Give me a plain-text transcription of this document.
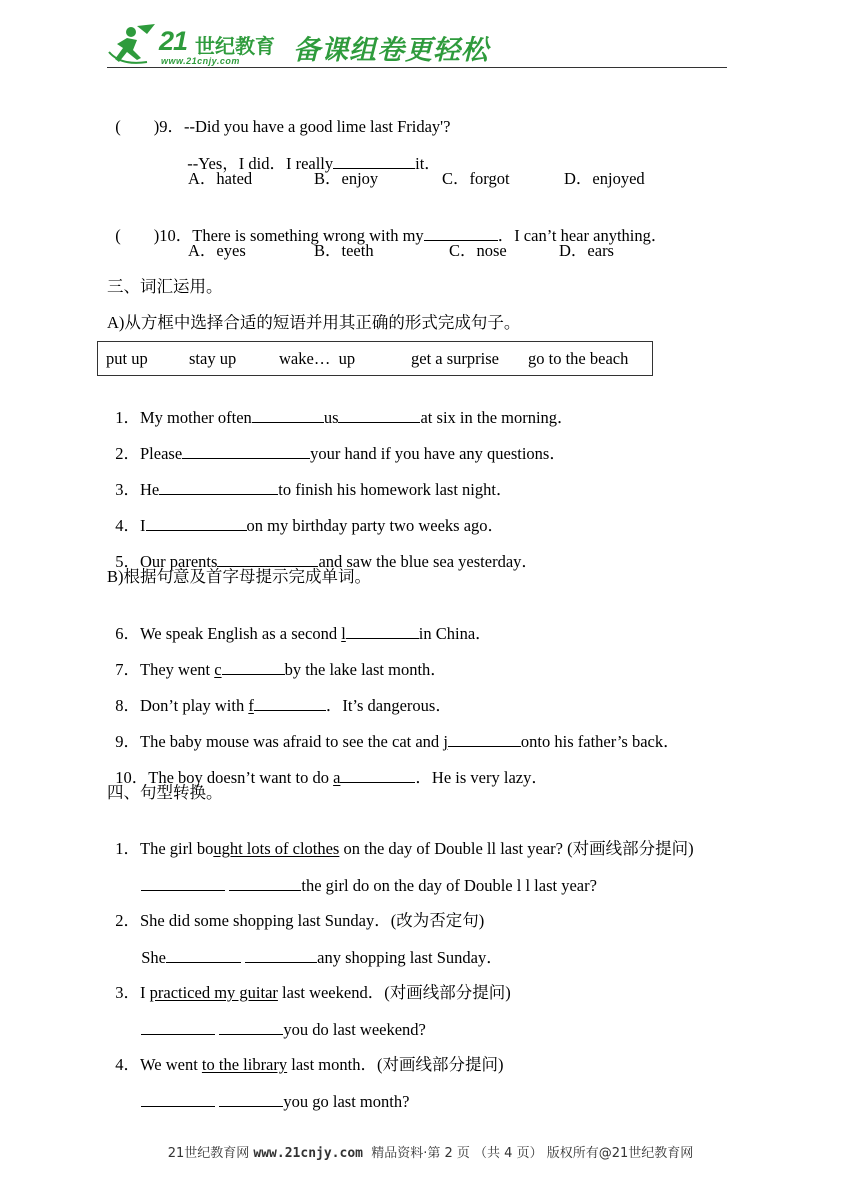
21 世纪教育
www.21cnjy.com 备课组卷更轻松

(        )9．--Did you have a good lime last Friday'?

--Yes，I did．I really	it．

A．hated	B．enjoy	C．forgot	D．enjoyed

(        )10．There is something wrong with my	．I can’t hear anything．

A．eyes	B．teeth	C．nose	D．ears
三、词汇运用。
A)从方框中选择合适的短语并用其正确的形式完成句子。
put up	stay up	wake…  up	get a surprise go to the beach

1．My mother often	us	at six in the morning．

2．Please	your hand if you have any questions．

3．He	to finish his homework last night．

4．I	on my birthday party two weeks ago．

5．Our parents	and saw the blue sea yesterday．

B)根据句意及首字母提示完成单词。

6．We speak English as a second l	in China．

7．They went c	by the lake last month．

8．Don’t play with f	．It’s dangerous．

9．The baby mouse was afraid to see the cat and j	onto his father’s back．

10．The boy doesn’t want to do a	．He is very lazy．

四、句型转换。

1．The girl bought lots of clothes on the day of Double ll last year? (对画线部分提问)

the girl do on the day of Double l l last year?

2．She did some shopping last Sunday．(改为否定句)

She	any shopping last Sunday．

3．I practiced my guitar last weekend．(对画线部分提问)

you do last weekend?

4．We went to the library last month．(对画线部分提问)

you go last month?

21世纪教育网 www.21cnjy.com  精品资料·第 2 页 （共 4 页） 版权所有@21世纪教育网
